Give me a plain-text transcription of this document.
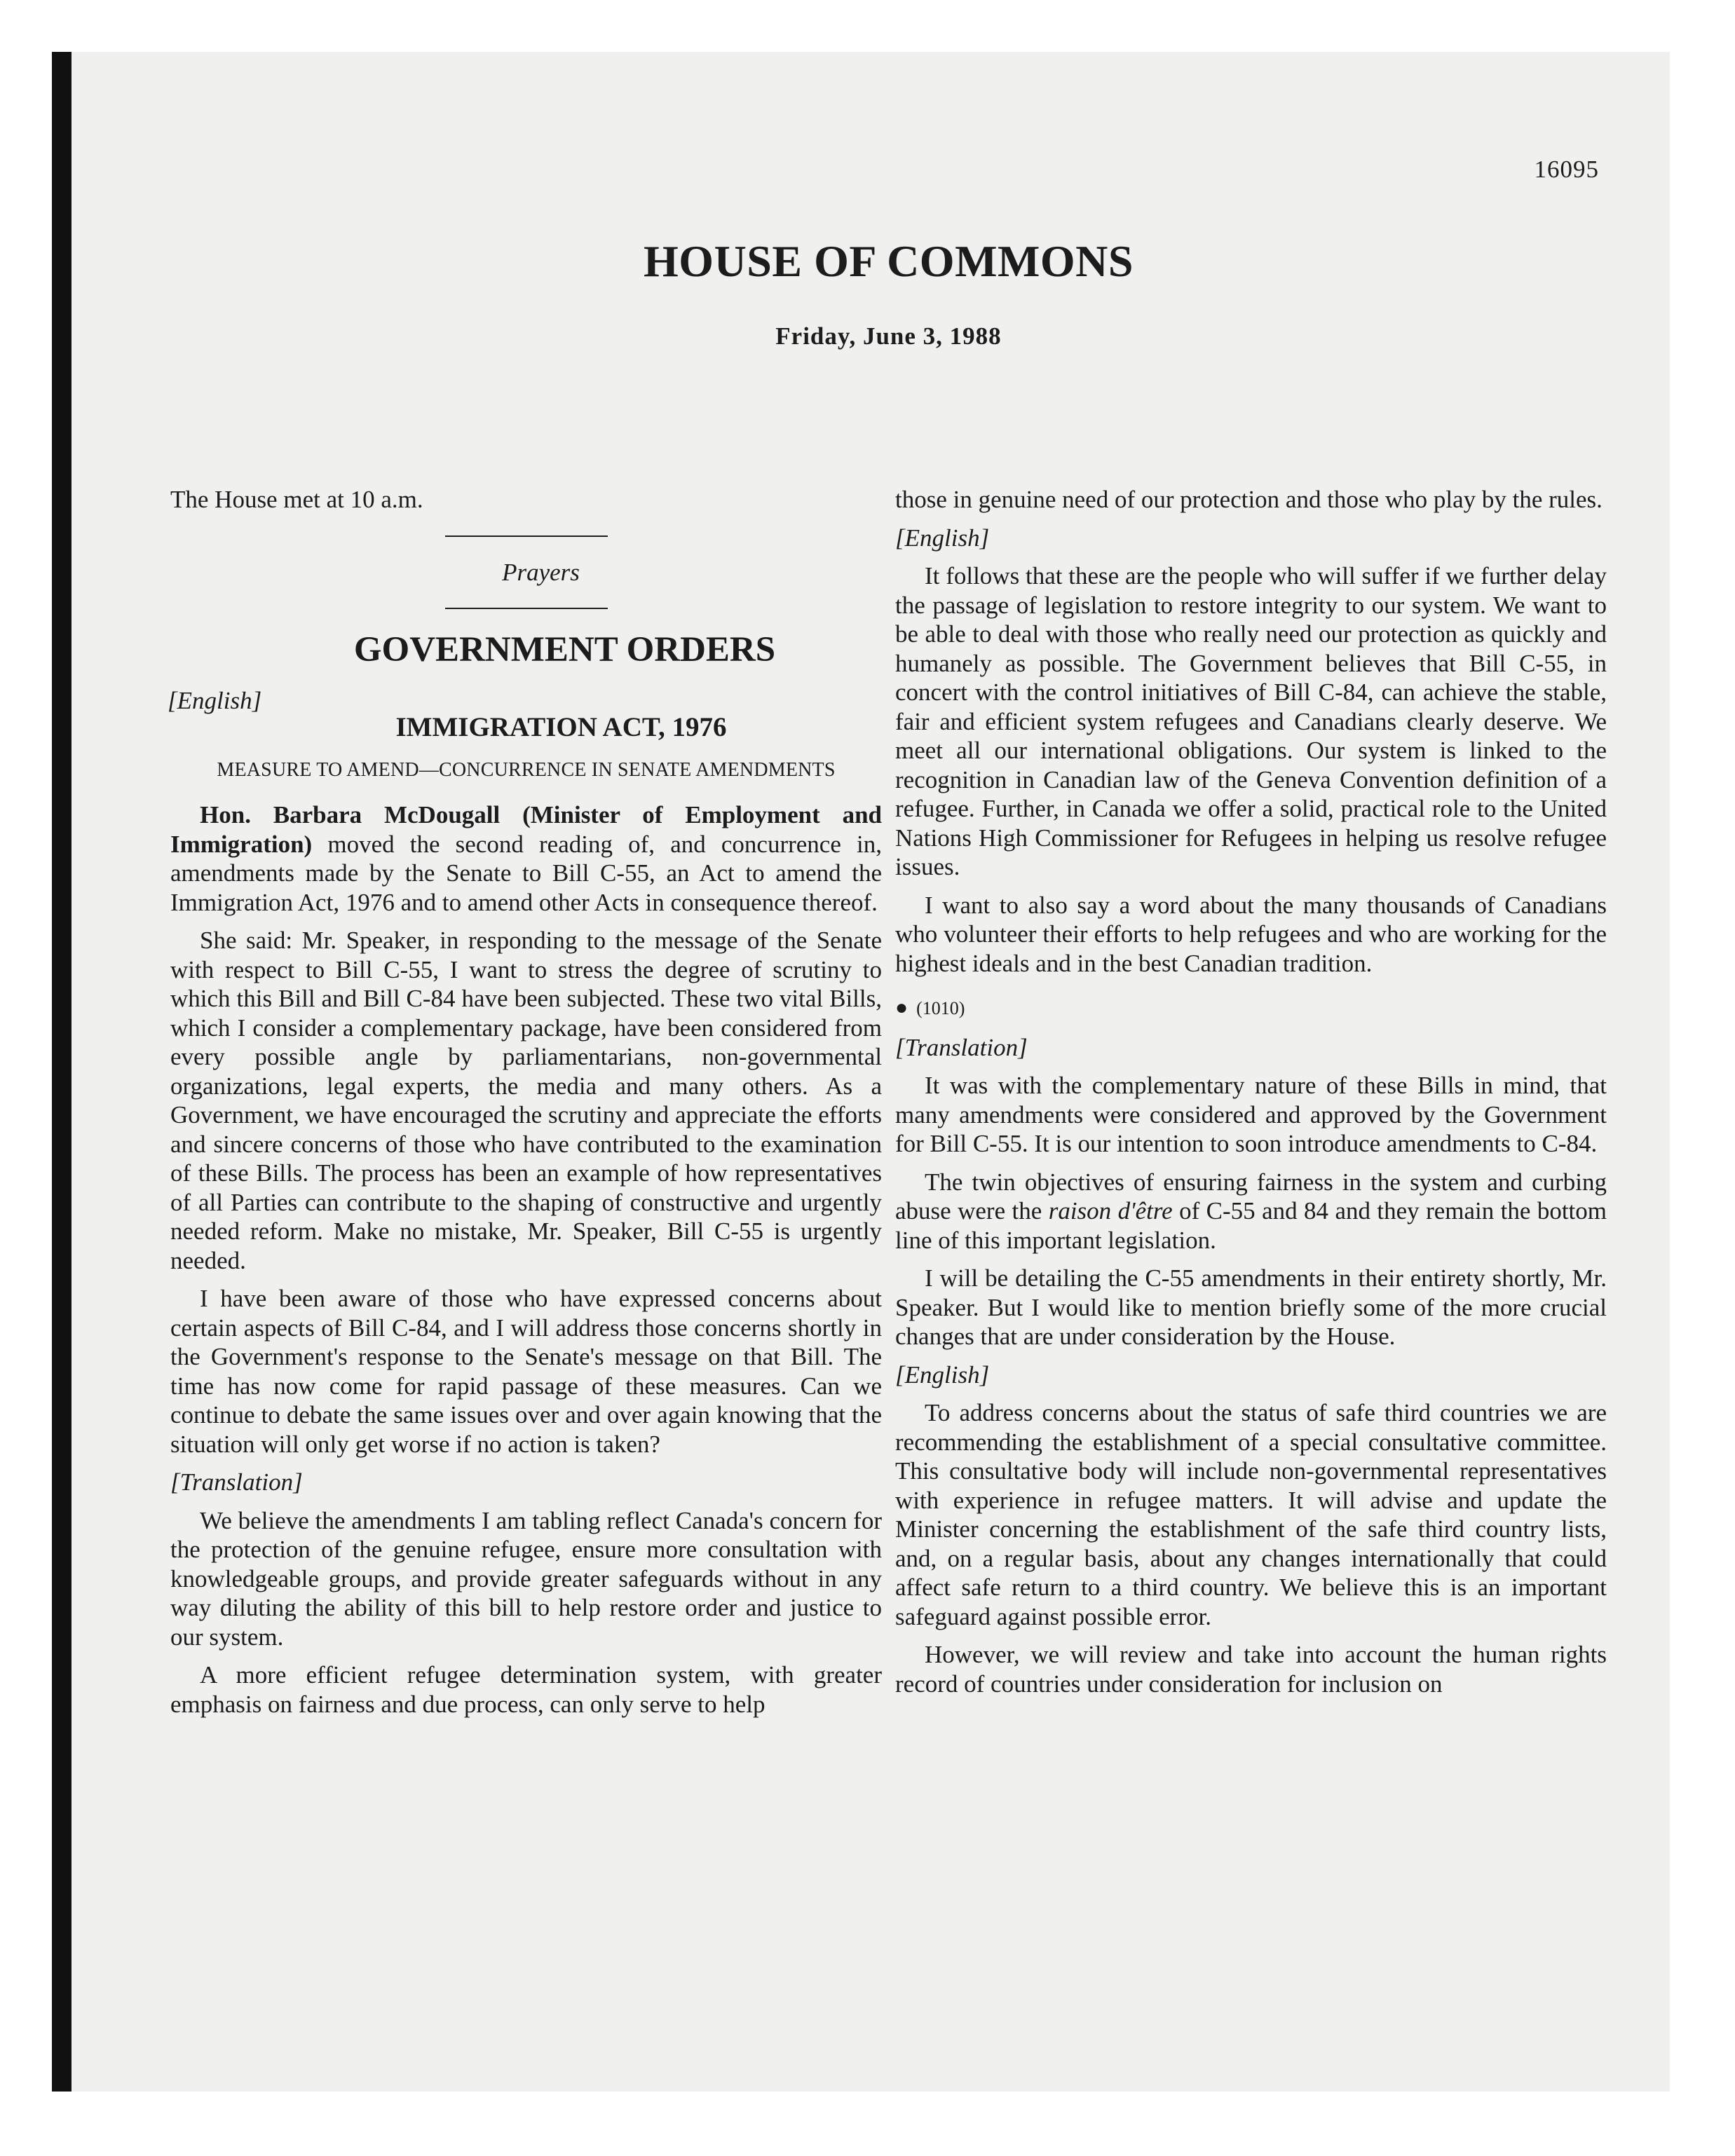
16095
HOUSE OF COMMONS
Friday, June 3, 1988

The House met at 10 a.m.

Prayers

GOVERNMENT ORDERS
[English]
IMMIGRATION ACT, 1976
MEASURE TO AMEND—CONCURRENCE IN SENATE AMENDMENTS

Hon. Barbara McDougall (Minister of Employment and Immigration) moved the second reading of, and concurrence in, amendments made by the Senate to Bill C-55, an Act to amend the Immigration Act, 1976 and to amend other Acts in consequence thereof.

She said: Mr. Speaker, in responding to the message of the Senate with respect to Bill C-55, I want to stress the degree of scrutiny to which this Bill and Bill C-84 have been subjected. These two vital Bills, which I consider a complementary package, have been considered from every possible angle by parliamentarians, non-governmental organizations, legal experts, the media and many others. As a Government, we have encouraged the scrutiny and appreciate the efforts and sincere concerns of those who have contributed to the examination of these Bills. The process has been an example of how representatives of all Parties can contribute to the shaping of constructive and urgently needed reform. Make no mistake, Mr. Speaker, Bill C-55 is urgently needed.

I have been aware of those who have expressed concerns about certain aspects of Bill C-84, and I will address those concerns shortly in the Government's response to the Senate's message on that Bill. The time has now come for rapid passage of these measures. Can we continue to debate the same issues over and over again knowing that the situation will only get worse if no action is taken?

[Translation]

We believe the amendments I am tabling reflect Canada's concern for the protection of the genuine refugee, ensure more consultation with knowledgeable groups, and provide greater safeguards without in any way diluting the ability of this bill to help restore order and justice to our system.

A more efficient refugee determination system, with greater emphasis on fairness and due process, can only serve to help

those in genuine need of our protection and those who play by the rules.

[English]

It follows that these are the people who will suffer if we further delay the passage of legislation to restore integrity to our system. We want to be able to deal with those who really need our protection as quickly and humanely as possible. The Government believes that Bill C-55, in concert with the control initiatives of Bill C-84, can achieve the stable, fair and efficient system refugees and Canadians clearly deserve. We meet all our international obligations. Our system is linked to the recognition in Canadian law of the Geneva Convention definition of a refugee. Further, in Canada we offer a solid, practical role to the United Nations High Commissioner for Refugees in helping us resolve refugee issues.

I want to also say a word about the many thousands of Canadians who volunteer their efforts to help refugees and who are working for the highest ideals and in the best Canadian tradition.

● (1010)
[Translation]

It was with the complementary nature of these Bills in mind, that many amendments were considered and approved by the Government for Bill C-55. It is our intention to soon introduce amendments to C-84.

The twin objectives of ensuring fairness in the system and curbing abuse were the raison d'être of C-55 and 84 and they remain the bottom line of this important legislation.

I will be detailing the C-55 amendments in their entirety shortly, Mr. Speaker. But I would like to mention briefly some of the more crucial changes that are under consideration by the House.

[English]

To address concerns about the status of safe third countries we are recommending the establishment of a special consultative committee. This consultative body will include non-governmental representatives with experience in refugee matters. It will advise and update the Minister concerning the establishment of the safe third country lists, and, on a regular basis, about any changes internationally that could affect safe return to a third country. We believe this is an important safeguard against possible error.

However, we will review and take into account the human rights record of countries under consideration for inclusion on
